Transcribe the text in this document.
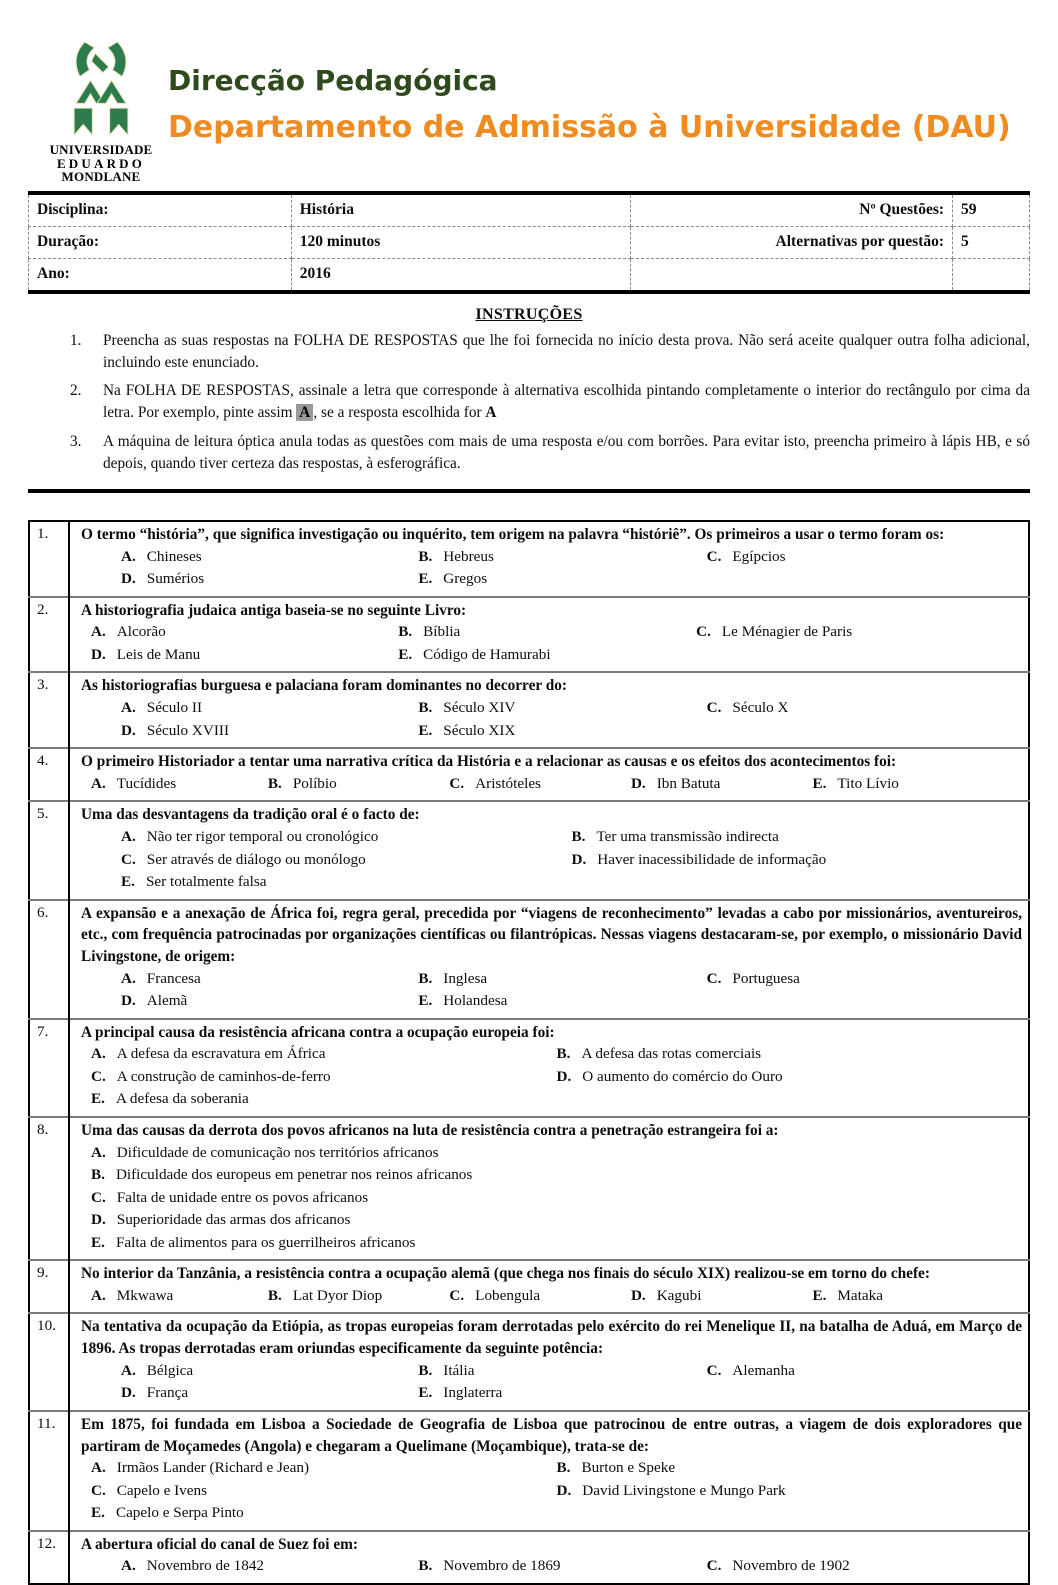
UNIVERSIDADE
EDUARDO
MONDLANE
Direcção Pedagógica
Departamento de Admissão à Universidade (DAU)
Disciplina:	História	Nº Questões:	59
Duração:	120 minutos	Alternativas por questão:	5
Ano:	2016		
INSTRUÇÕES
1. Preencha as suas respostas na FOLHA DE RESPOSTAS que lhe foi fornecida no início desta prova. Não será aceite qualquer outra folha adicional, incluindo este enunciado.
2. Na FOLHA DE RESPOSTAS, assinale a letra que corresponde à alternativa escolhida pintando completamente o interior do rectângulo por cima da letra. Por exemplo, pinte assim A , se a resposta escolhida for A
3. A máquina de leitura óptica anula todas as questões com mais de uma resposta e/ou com borrões. Para evitar isto, preencha primeiro à lápis HB, e só depois, quando tiver certeza das respostas, à esferográfica.
1.	O termo “história”, que significa investigação ou inquérito, tem origem na palavra “históriê”. Os primeiros a usar o termo foram os:
A. Chineses	B. Hebreus	C. Egípcios
D. Sumérios	E. Gregos

2.	A historiografia judaica antiga baseia-se no seguinte Livro:
A. Alcorão	B. Bíblia	C. Le Ménagier de Paris
D. Leis de Manu	E. Código de Hamurabi

3.	As historiografias burguesa e palaciana foram dominantes no decorrer do:
A. Século II	B. Século XIV	C. Século X
D. Século XVIII	E. Século XIX

4.	O primeiro Historiador a tentar uma narrativa crítica da História e a relacionar as causas e os efeitos dos acontecimentos foi:
A. Tucídides	B. Políbio	C. Aristóteles	D. Ibn Batuta	E. Tito Lívio

5.	Uma das desvantagens da tradição oral é o facto de:
A. Não ter rigor temporal ou cronológico	B. Ter uma transmissão indirecta
C. Ser através de diálogo ou monólogo	D. Haver inacessibilidade de informação
E. Ser totalmente falsa

6.	A expansão e a anexação de África foi, regra geral, precedida por “viagens de reconhecimento” levadas a cabo por missionários, aventureiros, etc., com frequência patrocinadas por organizações científicas ou filantrópicas. Nessas viagens destacaram-se, por exemplo, o missionário David Livingstone, de origem:
A. Francesa	B. Inglesa	C. Portuguesa
D. Alemã	E. Holandesa

7.	A principal causa da resistência africana contra a ocupação europeia foi:
A. A defesa da escravatura em África	B. A defesa das rotas comerciais
C. A construção de caminhos-de-ferro	D. O aumento do comércio do Ouro
E. A defesa da soberania

8.	Uma das causas da derrota dos povos africanos na luta de resistência contra a penetração estrangeira foi a:
A. Dificuldade de comunicação nos territórios africanos
B. Dificuldade dos europeus em penetrar nos reinos africanos
C. Falta de unidade entre os povos africanos
D. Superioridade das armas dos africanos
E. Falta de alimentos para os guerrilheiros africanos

9.	No interior da Tanzânia, a resistência contra a ocupação alemã (que chega nos finais do século XIX) realizou-se em torno do chefe:
A. Mkwawa	B. Lat Dyor Diop	C. Lobengula	D. Kagubi	E. Mataka

10.	Na tentativa da ocupação da Etiópia, as tropas europeias foram derrotadas pelo exército do rei Menelique II, na batalha de Aduá, em Março de 1896. As tropas derrotadas eram oriundas especificamente da seguinte potência:
A. Bélgica	B. Itália	C. Alemanha
D. França	E. Inglaterra

11.	Em 1875, foi fundada em Lisboa a Sociedade de Geografia de Lisboa que patrocinou de entre outras, a viagem de dois exploradores que partiram de Moçamedes (Angola) e chegaram a Quelimane (Moçambique), trata-se de:
A. Irmãos Lander (Richard e Jean)	B. Burton e Speke
C. Capelo e Ivens	D. David Livingstone e Mungo Park
E. Capelo e Serpa Pinto

12.	A abertura oficial do canal de Suez foi em:
A. Novembro de 1842 B. Novembro de 1869 C. Novembro de 1902
